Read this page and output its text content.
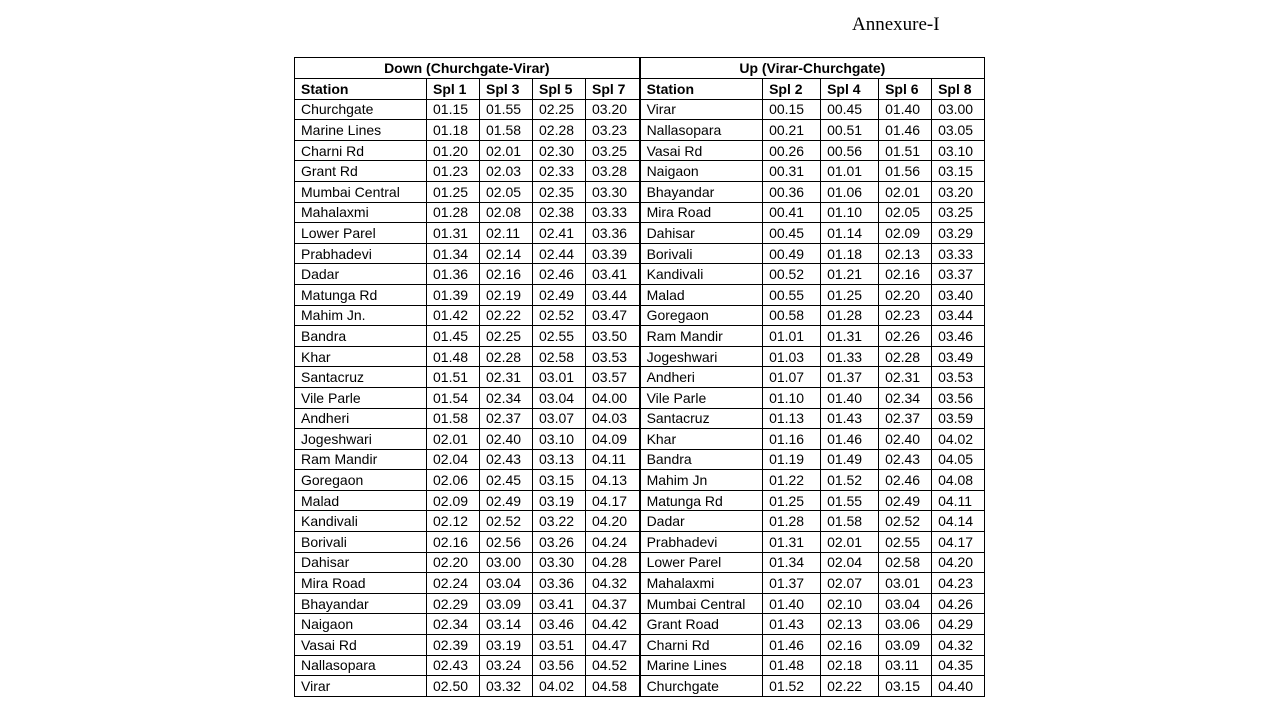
Annexure-I
Down (Churchgate-Virar)					Up (Virar-Churchgate)				
Station	Spl 1	Spl 3	Spl 5	Spl 7	Station	Spl 2	Spl 4	Spl 6	Spl 8
Churchgate	01.15	01.55	02.25	03.20	Virar	00.15	00.45	01.40	03.00
Marine Lines	01.18	01.58	02.28	03.23	Nallasopara	00.21	00.51	01.46	03.05
Charni Rd	01.20	02.01	02.30	03.25	Vasai Rd	00.26	00.56	01.51	03.10
Grant Rd	01.23	02.03	02.33	03.28	Naigaon	00.31	01.01	01.56	03.15
Mumbai Central	01.25	02.05	02.35	03.30	Bhayandar	00.36	01.06	02.01	03.20
Mahalaxmi	01.28	02.08	02.38	03.33	Mira Road	00.41	01.10	02.05	03.25
Lower Parel	01.31	02.11	02.41	03.36	Dahisar	00.45	01.14	02.09	03.29
Prabhadevi	01.34	02.14	02.44	03.39	Borivali	00.49	01.18	02.13	03.33
Dadar	01.36	02.16	02.46	03.41	Kandivali	00.52	01.21	02.16	03.37
Matunga Rd	01.39	02.19	02.49	03.44	Malad	00.55	01.25	02.20	03.40
Mahim Jn.	01.42	02.22	02.52	03.47	Goregaon	00.58	01.28	02.23	03.44
Bandra	01.45	02.25	02.55	03.50	Ram Mandir	01.01	01.31	02.26	03.46
Khar	01.48	02.28	02.58	03.53	Jogeshwari	01.03	01.33	02.28	03.49
Santacruz	01.51	02.31	03.01	03.57	Andheri	01.07	01.37	02.31	03.53
Vile Parle	01.54	02.34	03.04	04.00	Vile Parle	01.10	01.40	02.34	03.56
Andheri	01.58	02.37	03.07	04.03	Santacruz	01.13	01.43	02.37	03.59
Jogeshwari	02.01	02.40	03.10	04.09	Khar	01.16	01.46	02.40	04.02
Ram Mandir	02.04	02.43	03.13	04.11	Bandra	01.19	01.49	02.43	04.05
Goregaon	02.06	02.45	03.15	04.13	Mahim Jn	01.22	01.52	02.46	04.08
Malad	02.09	02.49	03.19	04.17	Matunga Rd	01.25	01.55	02.49	04.11
Kandivali	02.12	02.52	03.22	04.20	Dadar	01.28	01.58	02.52	04.14
Borivali	02.16	02.56	03.26	04.24	Prabhadevi	01.31	02.01	02.55	04.17
Dahisar	02.20	03.00	03.30	04.28	Lower Parel	01.34	02.04	02.58	04.20
Mira Road	02.24	03.04	03.36	04.32	Mahalaxmi	01.37	02.07	03.01	04.23
Bhayandar	02.29	03.09	03.41	04.37	Mumbai Central	01.40	02.10	03.04	04.26
Naigaon	02.34	03.14	03.46	04.42	Grant Road	01.43	02.13	03.06	04.29
Vasai Rd	02.39	03.19	03.51	04.47	Charni Rd	01.46	02.16	03.09	04.32
Nallasopara	02.43	03.24	03.56	04.52	Marine Lines	01.48	02.18	03.11	04.35
Virar	02.50	03.32	04.02	04.58	Churchgate	01.52	02.22	03.15	04.40
